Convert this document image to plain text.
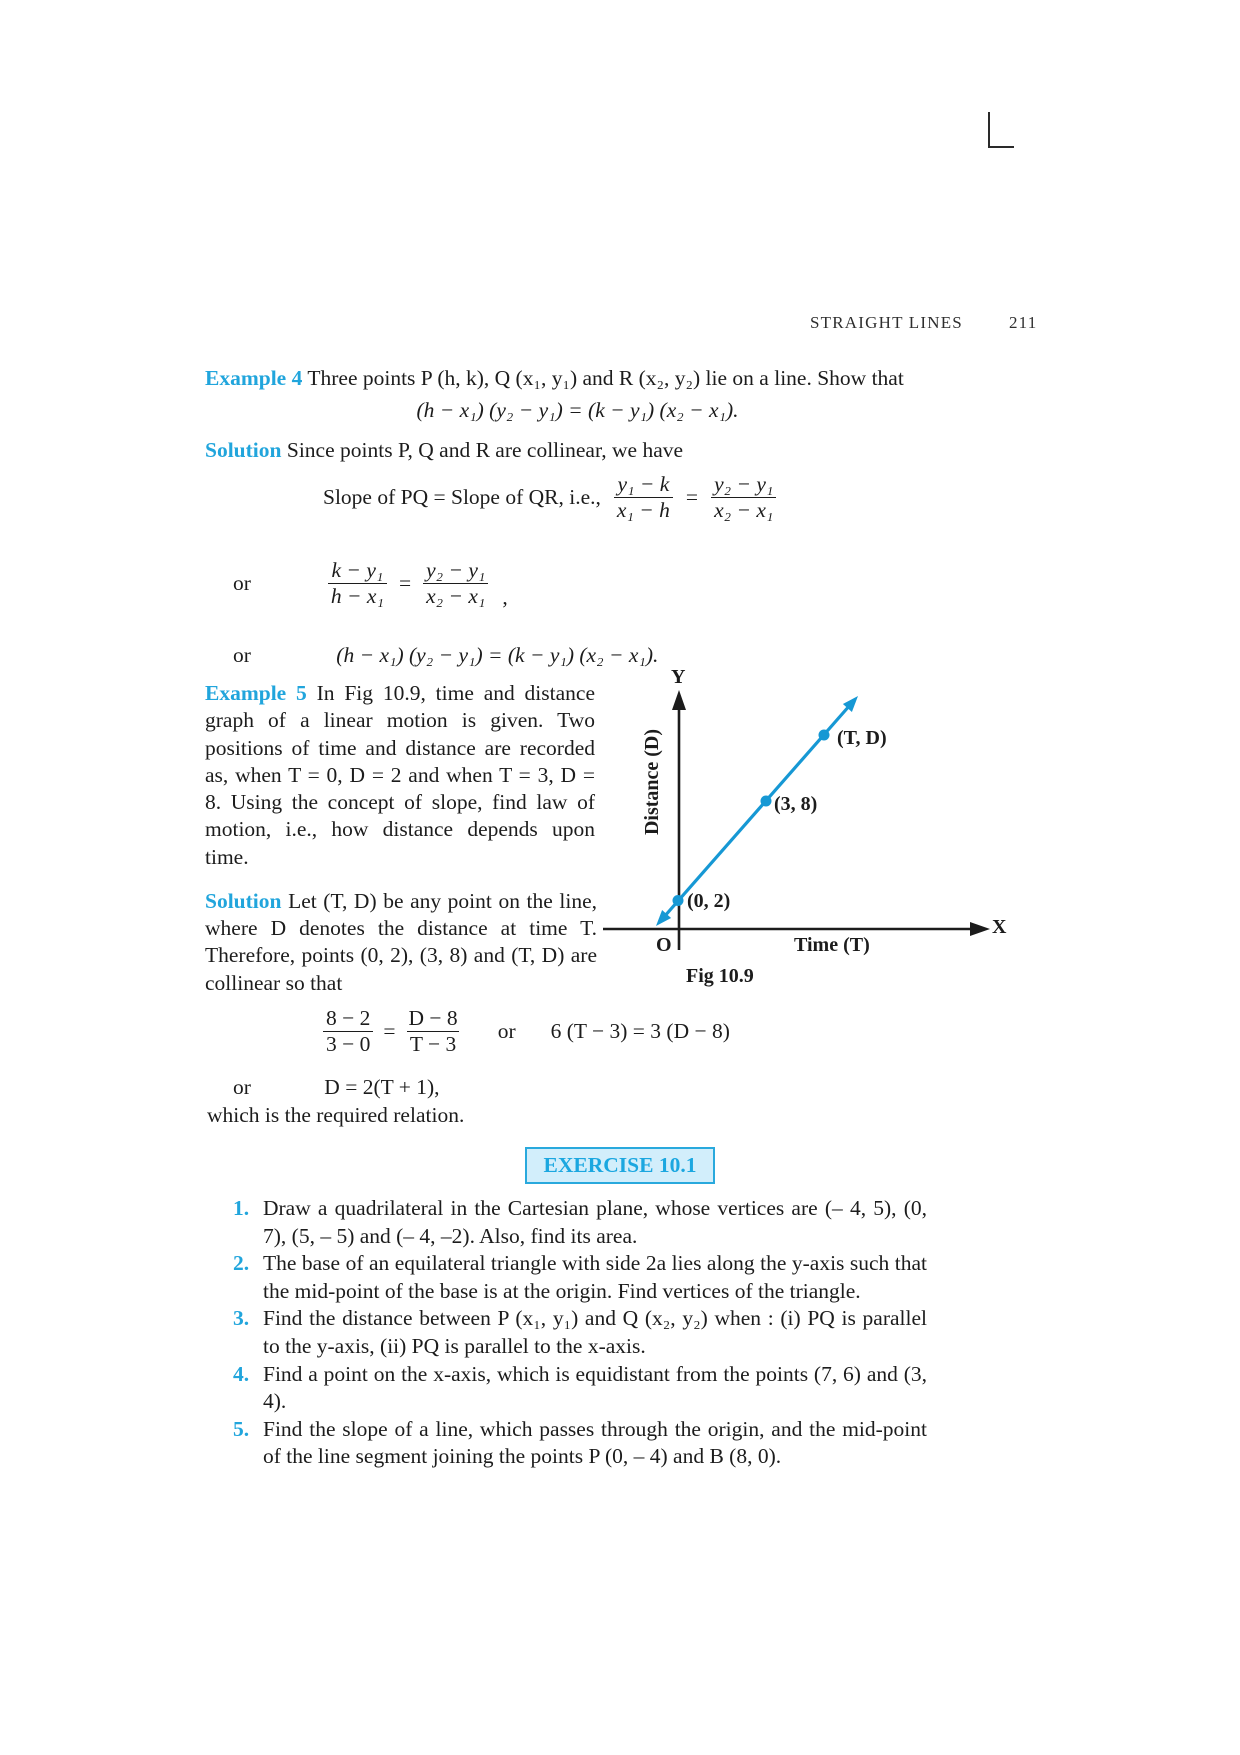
STRAIGHT LINES	211

Example 4 Three points P (h, k), Q (x₁, y₁) and R (x₂, y₂) lie on a line. Show that

(h − x₁) (y₂ − y₁) = (k − y₁) (x₂ − x₁).

Solution Since points P, Q and R are collinear, we have

Slope of PQ = Slope of QR, i.e., $\frac{\text{y₁ − k}}{\text{x₁ − h}} = \frac{\text{y₂ − y₁}}{\text{x₂ − x₁}}$
or	$\frac{\text{k − y₁}}{\text{h − x₁}} = \frac{\text{y₂ − y₁}}{\text{x₂ − x₁}}$ ,
or	(h − x₁) (y₂ − y₁) = (k − y₁) (x₂ − x₁).

Example 5 In Fig 10.9, time and distance graph of a linear motion is given. Two positions of time and distance are recorded as, when T = 0, D = 2 and when T = 3, D = 8. Using the concept of slope, find law of motion, i.e., how distance depends upon time.

Solution Let (T, D) be any point on the line, where D denotes the distance at time T. Therefore, points (0, 2), (3, 8) and (T, D) are collinear so that

Y
Distance (D)
X
O	Time (T)
(0, 2)
(3, 8)
(T, D)
Fig 10.9
$\frac{8 - 2}{3 - 0} = \frac{D - 8}{T - 3}$ or 6 (T − 3) = 3 (D − 8)
or	D = 2(T + 1),

which is the required relation.

EXERCISE 10.1
1. Draw a quadrilateral in the Cartesian plane, whose vertices are (– 4, 5), (0, 7), (5, – 5) and (– 4, –2). Also, find its area.
2. The base of an equilateral triangle with side 2a lies along the y-axis such that the mid-point of the base is at the origin. Find vertices of the triangle.
3. Find the distance between P (x₁, y₁) and Q (x₂, y₂) when : (i) PQ is parallel to the y-axis, (ii) PQ is parallel to the x-axis.
4. Find a point on the x-axis, which is equidistant from the points (7, 6) and (3, 4).
5. Find the slope of a line, which passes through the origin, and the mid-point of the line segment joining the points P (0, – 4) and B (8, 0).
